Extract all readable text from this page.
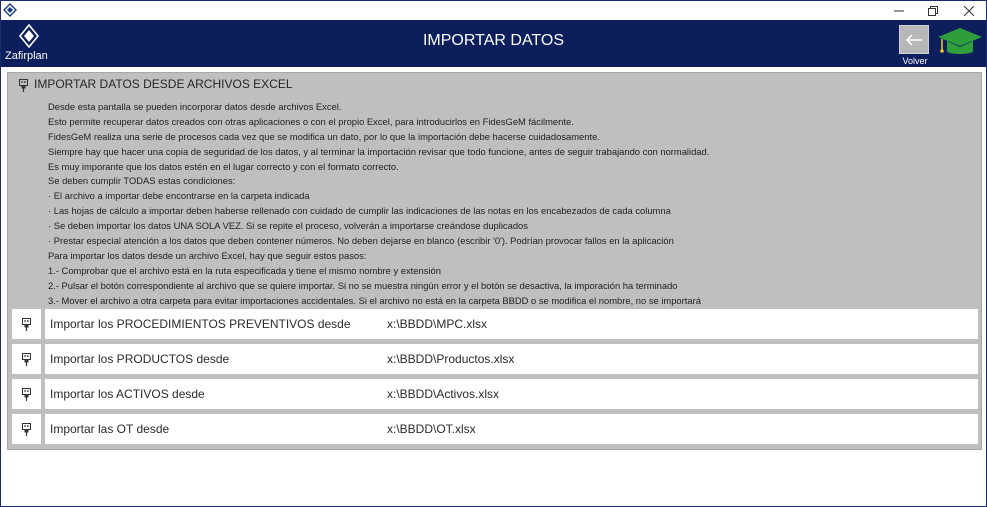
Zafirplan
IMPORTAR DATOS
Volver
IMPORTAR DATOS DESDE ARCHIVOS EXCEL
Desde esta pantalla se pueden incorporar datos desde archivos Excel.
Esto permite recuperar datos creados con otras aplicaciones o con el propio Excel, para introducirlos en FidesGeM fácilmente.
FidesGeM realiza una serie de procesos cada vez que se modifica un dato, por lo que la importación debe hacerse cuidadosamente.
Siempre hay que hacer una copia de seguridad de los datos, y al terminar la importación revisar que todo funcione, antes de seguir trabajando con normalidad.
Es muy imporante que los datos estén en el lugar correcto y con el formato correcto.
Se deben cumplir TODAS estas condiciones:
· El archivo a importar debe encontrarse en la carpeta indicada
· Las hojas de cálculo a importar deben haberse rellenado con cuidado de cumplir las indicaciones de las notas en los encabezados de cada columna
· Se deben importar los datos UNA SOLA VEZ. Si se repite el proceso, volverán a importarse creándose duplicados
· Prestar especial atención a los datos que deben contener números. No deben dejarse en blanco (escribir '0'). Podrían provocar fallos en la aplicación
Para importar los datos desde un archivo Excel, hay que seguir estos pasos:
1.- Comprobar que el archivo está en la ruta especificada y tiene el mismo nombre y extensión
2.- Pulsar el botón correspondiente al archivo que se quiere importar. Si no se muestra ningún error y el botón se desactiva, la imporación ha terminado
3.- Mover el archivo a otra carpeta para evitar importaciones accidentales. Si el archivo no está en la carpeta BBDD o se modifica el nombre, no se importará
Importar los PROCEDIMIENTOS PREVENTIVOS desde	x:\BBDD\MPC.xlsx
Importar los PRODUCTOS desde	x:\BBDD\Productos.xlsx
Importar los ACTIVOS desde	x:\BBDD\Activos.xlsx
Importar las OT desde	x:\BBDD\OT.xlsx
